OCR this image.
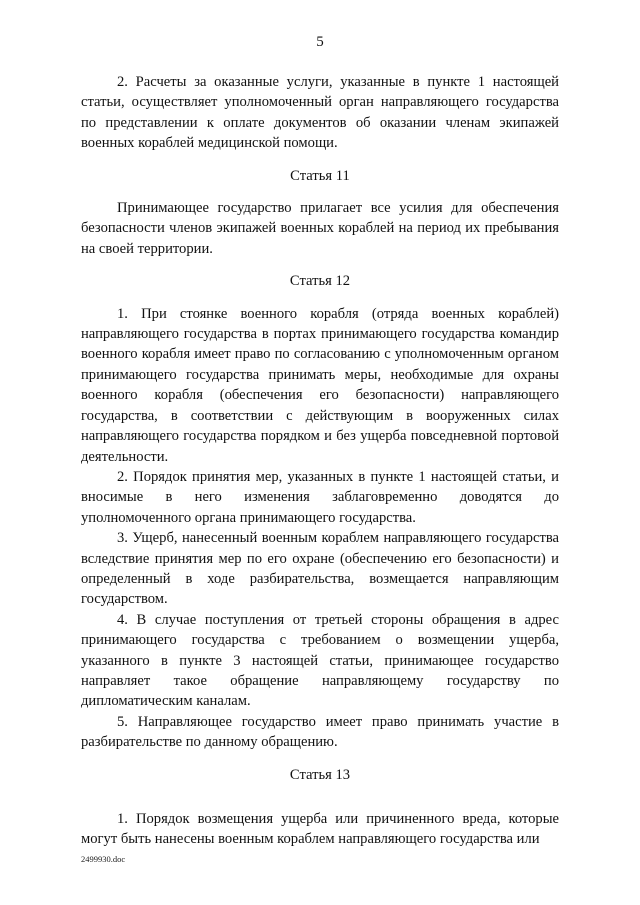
5

2. Расчеты за оказанные услуги, указанные в пункте 1 настоящей статьи, осуществляет уполномоченный орган направляющего государства по представлении к оплате документов об оказании членам экипажей военных кораблей медицинской помощи.

Статья 11

Принимающее государство прилагает все усилия для обеспечения безопасности членов экипажей военных кораблей на период их пребывания на своей территории.

Статья 12

1. При стоянке военного корабля (отряда военных кораблей) направляющего государства в портах принимающего государства командир военного корабля имеет право по согласованию с уполномоченным органом принимающего государства принимать меры, необходимые для охраны военного корабля (обеспечения его безопасности) направляющего государства, в соответствии с действующим в вооруженных силах направляющего государства порядком и без ущерба повседневной портовой деятельности.

2. Порядок принятия мер, указанных в пункте 1 настоящей статьи, и вносимые в него изменения заблаговременно доводятся до уполномоченного органа принимающего государства.

3. Ущерб, нанесенный военным кораблем направляющего государства вследствие принятия мер по его охране (обеспечению его безопасности) и определенный в ходе разбирательства, возмещается направляющим государством.

4. В случае поступления от третьей стороны обращения в адрес принимающего государства с требованием о возмещении ущерба, указанного в пункте 3 настоящей статьи, принимающее государство направляет такое обращение направляющему государству по дипломатическим каналам.

5. Направляющее государство имеет право принимать участие в разбирательстве по данному обращению.

Статья 13

1. Порядок возмещения ущерба или причиненного вреда, которые могут быть нанесены военным кораблем направляющего государства или

2499930.doc
